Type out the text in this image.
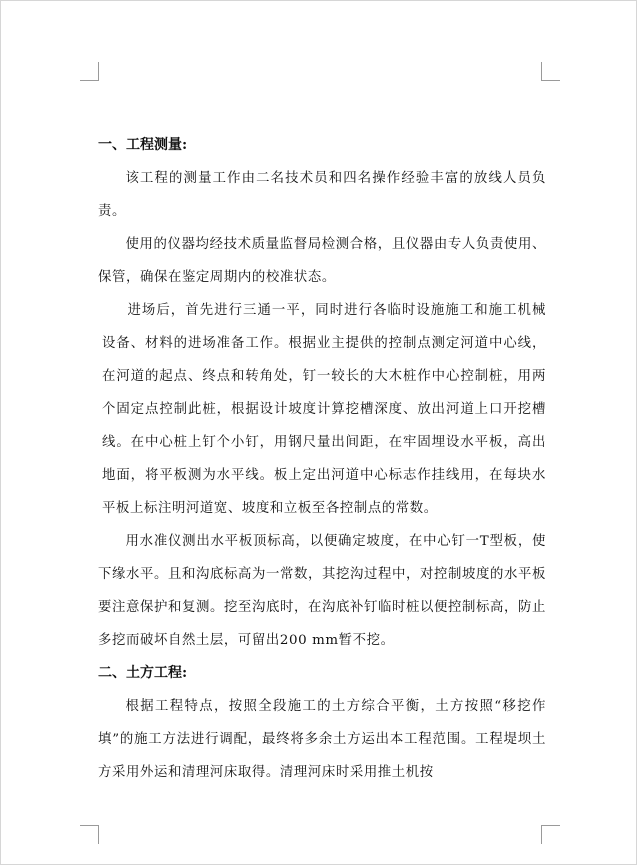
一、工程测量:

该工程的测量工作由二名技术员和四名操作经验丰富的放线人员负责。

使用的仪器均经技术质量监督局检测合格，且仪器由专人负责使用、保管，确保在鉴定周期内的校准状态。

进场后，首先进行三通一平，同时进行各临时设施施工和施工机械设备、材料的进场准备工作。根据业主提供的控制点测定河道中心线，在河道的起点、终点和转角处，钉一较长的大木桩作中心控制桩，用两个固定点控制此桩，根据设计坡度计算挖槽深度、放出河道上口开挖槽线。在中心桩上钉个小钉，用钢尺量出间距，在牢固埋设水平板，高出地面，将平板测为水平线。板上定出河道中心标志作挂线用，在每块水平板上标注明河道宽、坡度和立板至各控制点的常数。

用水准仪测出水平板顶标高，以便确定坡度，在中心钉一T型板，使下缘水平。且和沟底标高为一常数，其挖沟过程中，对控制坡度的水平板要注意保护和复测。挖至沟底时，在沟底补钉临时桩以便控制标高，防止多挖而破坏自然土层，可留出200 mm暂不挖。

二、土方工程:

根据工程特点，按照全段施工的土方综合平衡，土方按照“移挖作填”的施工方法进行调配，最终将多余土方运出本工程范围。工程堤坝土方采用外运和清理河床取得。清理河床时采用推土机按
